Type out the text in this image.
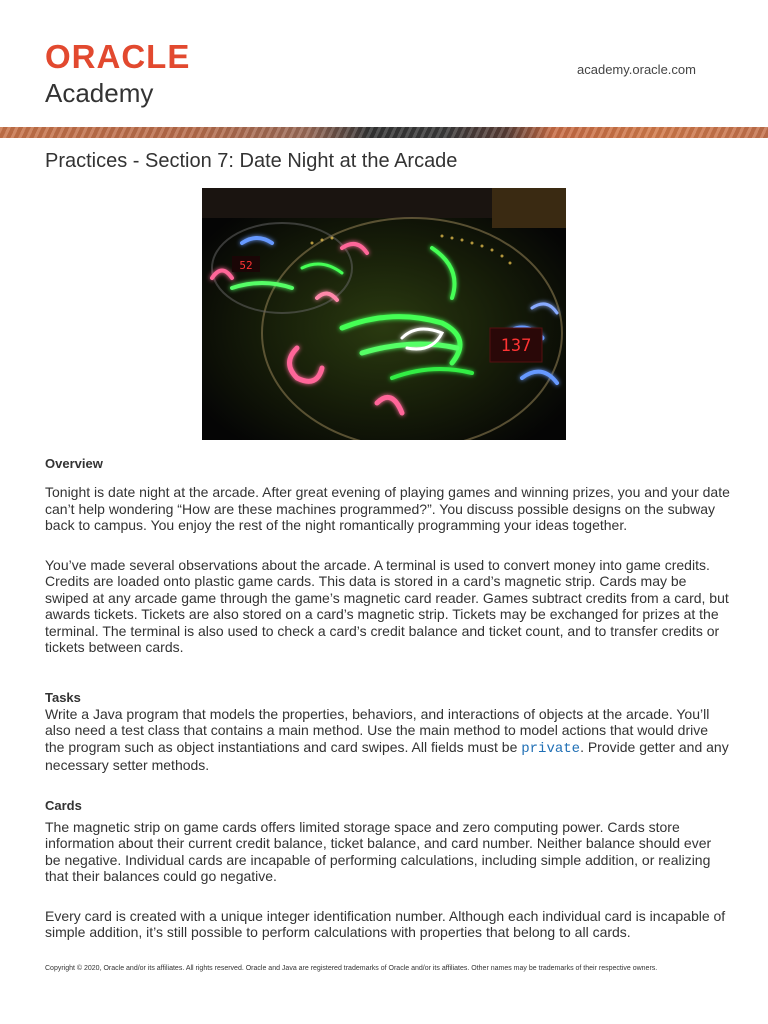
ORACLE
Academy
academy.oracle.com
Practices - Section 7: Date Night at the Arcade
137
52
Overview

Tonight is date night at the arcade. After great evening of playing games and winning prizes, you and your date can’t help wondering “How are these machines programmed?”. You discuss possible designs on the subway back to campus. You enjoy the rest of the night romantically programming your ideas together.

You’ve made several observations about the arcade. A terminal is used to convert money into game credits. Credits are loaded onto plastic game cards. This data is stored in a card’s magnetic strip. Cards may be swiped at any arcade game through the game’s magnetic card reader. Games subtract credits from a card, but awards tickets. Tickets are also stored on a card’s magnetic strip. Tickets may be exchanged for prizes at the terminal. The terminal is also used to check a card’s credit balance and ticket count, and to transfer credits or tickets between cards.

Tasks

Write a Java program that models the properties, behaviors, and interactions of objects at the arcade. You’ll also need a test class that contains a main method. Use the main method to model actions that would drive the program such as object instantiations and card swipes. All fields must be private. Provide getter and any necessary setter methods.

Cards

The magnetic strip on game cards offers limited storage space and zero computing power. Cards store information about their current credit balance, ticket balance, and card number. Neither balance should ever be negative. Individual cards are incapable of performing calculations, including simple addition, or realizing that their balances could go negative.

Every card is created with a unique integer identification number. Although each individual card is incapable of simple addition, it’s still possible to perform calculations with properties that belong to all cards.

Copyright © 2020, Oracle and/or its affiliates. All rights reserved. Oracle and Java are registered trademarks of Oracle and/or its affiliates. Other names may be trademarks of their respective owners.
